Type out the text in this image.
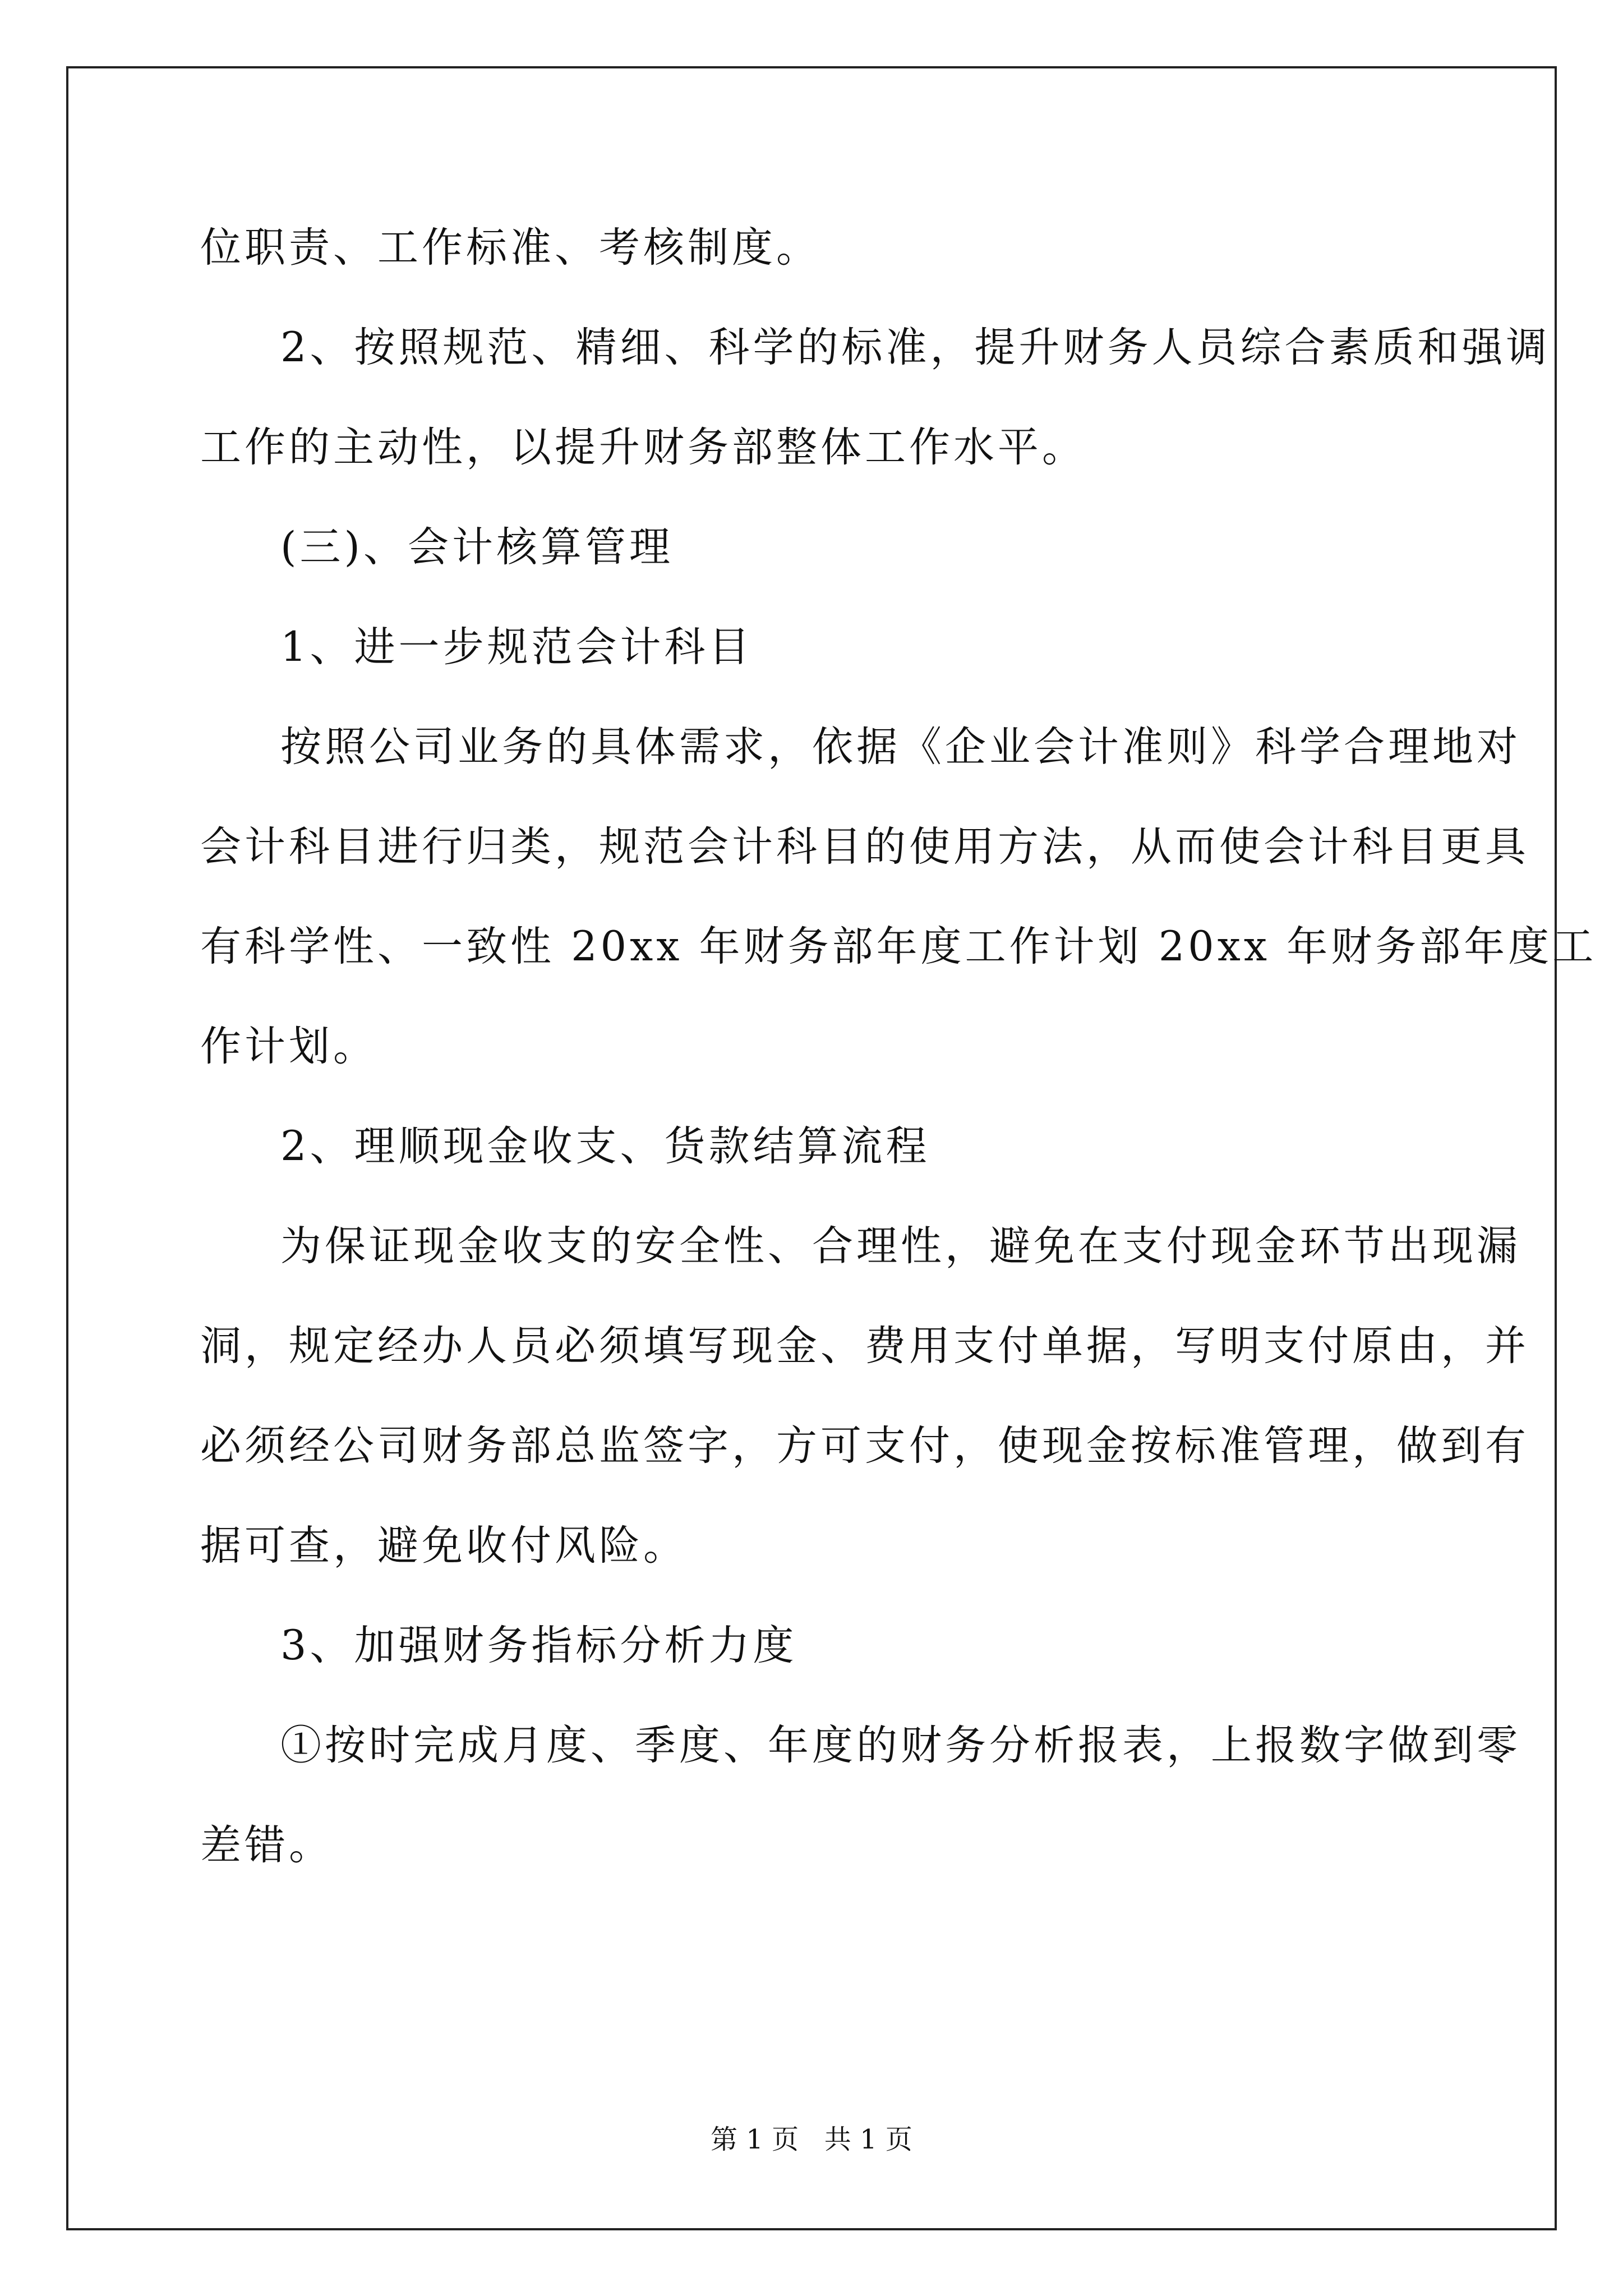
位职责、工作标准、考核制度。
2、按照规范、精细、科学的标准，提升财务人员综合素质和强调
工作的主动性，以提升财务部整体工作水平。
(三)、会计核算管理
1、进一步规范会计科目
按照公司业务的具体需求，依据《企业会计准则》科学合理地对
会计科目进行归类，规范会计科目的使用方法，从而使会计科目更具
有科学性、一致性 20xx 年财务部年度工作计划 20xx 年财务部年度工
作计划。
2、理顺现金收支、货款结算流程
为保证现金收支的安全性、合理性，避免在支付现金环节出现漏
洞，规定经办人员必须填写现金、费用支付单据，写明支付原由，并
必须经公司财务部总监签字，方可支付，使现金按标准管理，做到有
据可查，避免收付风险。
3、加强财务指标分析力度
①按时完成月度、季度、年度的财务分析报表，上报数字做到零
差错。
第 1 页   共 1 页
